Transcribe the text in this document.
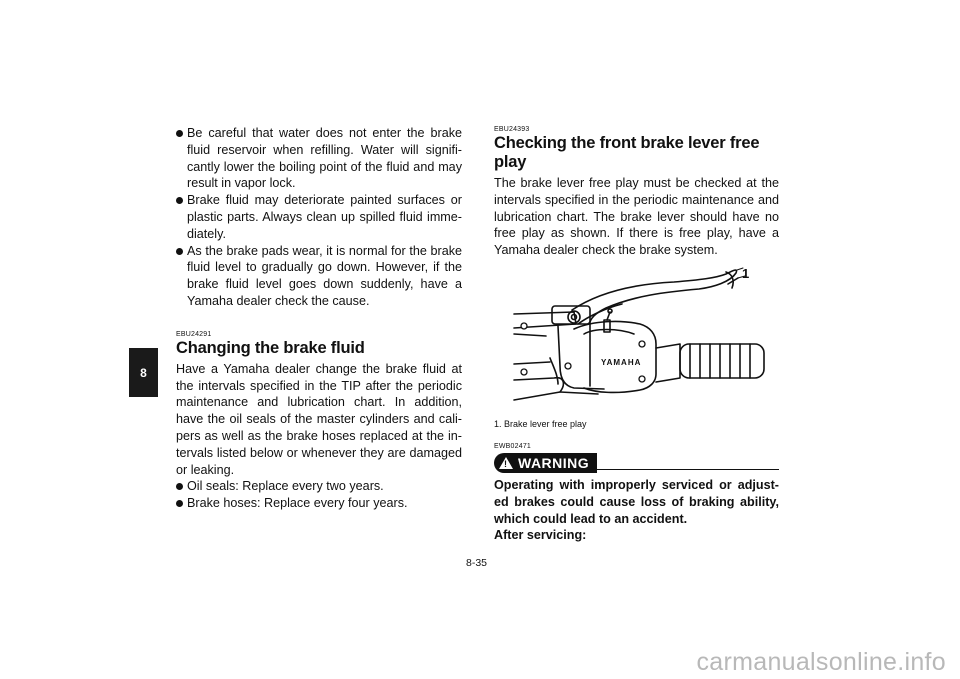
8

Be careful that water does not enter the brake fluid reservoir when refilling. Water will signifi-cantly lower the boiling point of the fluid and may result in vapor lock.

Brake fluid may deteriorate painted surfaces or plastic parts. Always clean up spilled fluid imme-diately.

As the brake pads wear, it is normal for the brake fluid level to gradually go down. However, if the brake fluid level goes down suddenly, have a Yamaha dealer check the cause.

EBU24291

Changing the brake fluid

Have a Yamaha dealer change the brake fluid at the intervals specified in the TIP after the periodic maintenance and lubrication chart. In addition, have the oil seals of the master cylinders and cali-pers as well as the brake hoses replaced at the in-tervals listed below or whenever they are damaged or leaking.

Oil seals: Replace every two years.

Brake hoses: Replace every four years.

EBU24393

Checking the front brake lever free play

The brake lever free play must be checked at the intervals specified in the periodic maintenance and lubrication chart. The brake lever should have no free play as shown. If there is free play, have a Yamaha dealer check the brake system.

YAMAHA
1
1. Brake lever free play

EWB02471

! WARNING

Operating with improperly serviced or adjust-ed brakes could cause loss of braking ability, which could lead to an accident.

After servicing:

8-35
carmanualsonline.info
